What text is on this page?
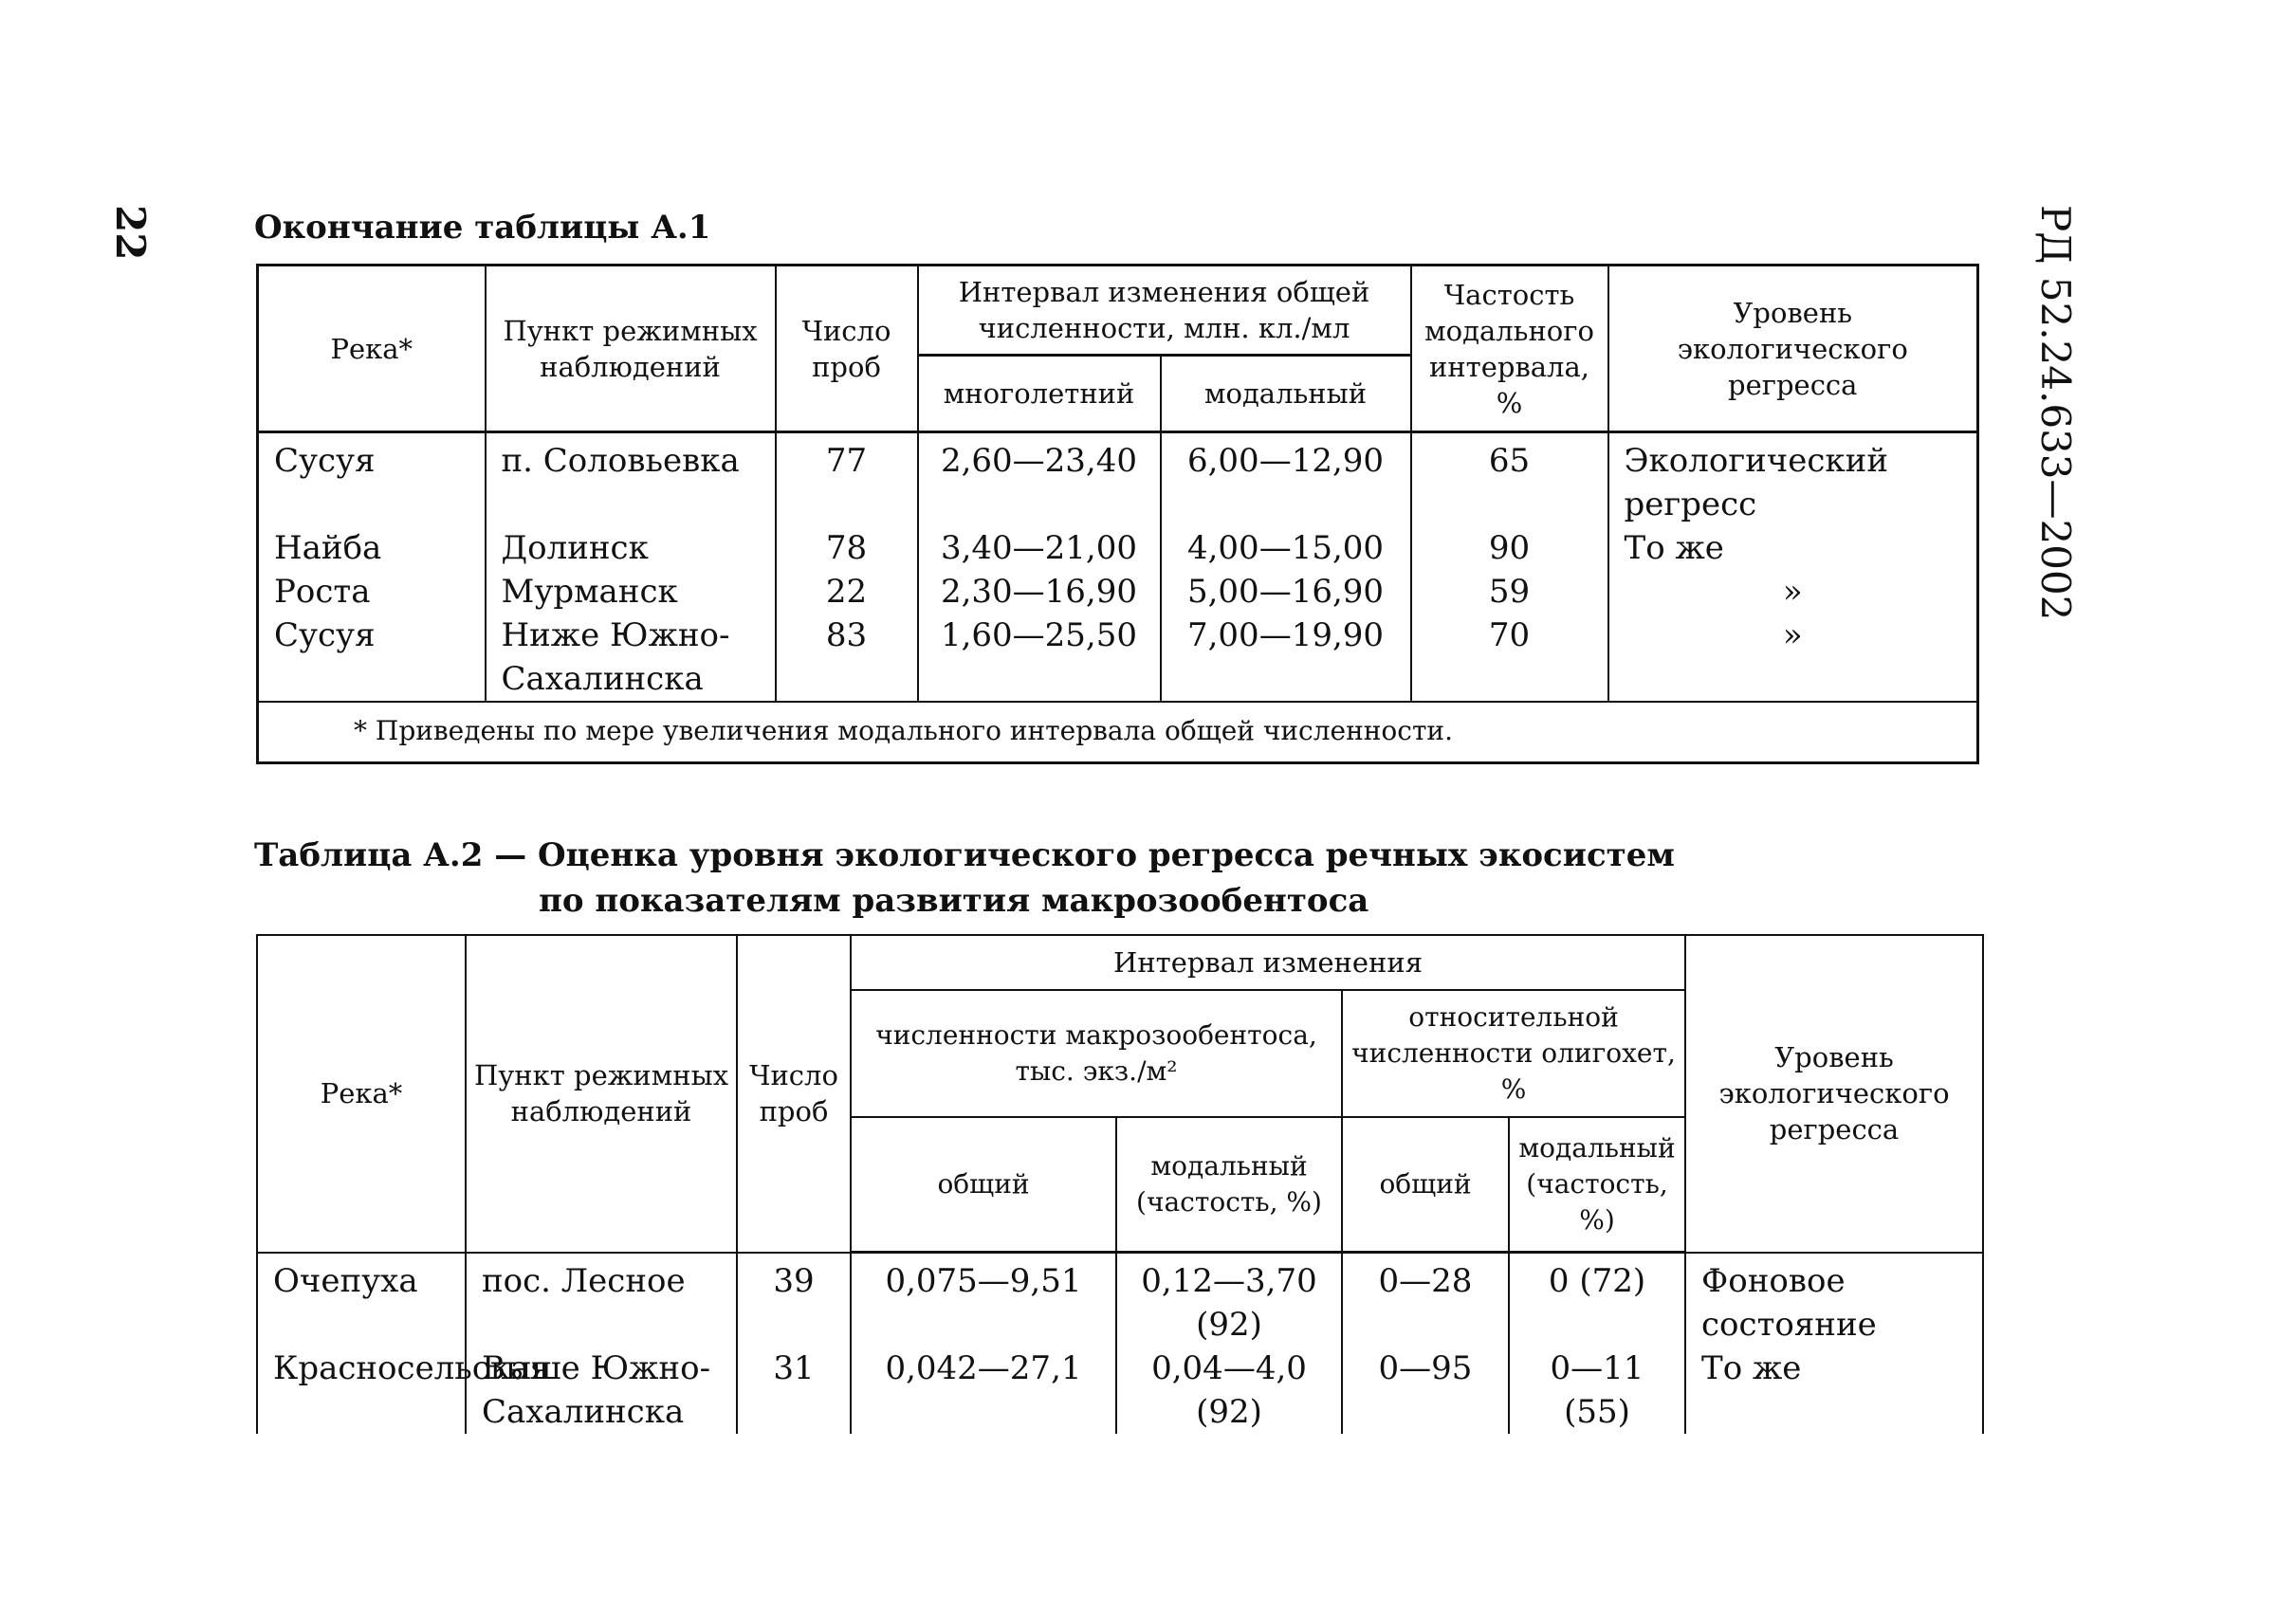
22	РД 52.24.633—2002
Окончание таблицы А.1
Река*	Пункт режимных наблюдений	Число проб	Интервал изменения общей численности, млн. кл./мл		Частость модального интервала, %	Уровень экологического регресса
			многолетний	модальный		
Сусуя	п. Соловьевка	77	2,60—23,40	6,00—12,90	65	Экологический регресс
Найба	Долинск	78	3,40—21,00	4,00—15,00	90	То же
Роста	Мурманск	22	2,30—16,90	5,00—16,90	59	»
Сусуя	Ниже Южно-Сахалинска	83	1,60—25,50	7,00—19,90	70	»
* Приведены по мере увеличения модального интервала общей численности.						
Таблица А.2 — Оценка уровня экологического регресса речных экосистем
по показателям развития макрозообентоса
Река*	Пункт режимных наблюдений	Число проб	Интервал изменения				Уровень экологического регресса
			численности макрозообентоса, тыс. экз./м²		относительной численности олигохет, %		
			общий	модальный (частость, %)	общий	модальный (частость, %)	
Очепуха	пос. Лесное	39	0,075—9,51	0,12—3,70 (92)	0—28	0 (72)	Фоновое состояние
Красносельская	Выше Южно-Сахалинска	31	0,042—27,1	0,04—4,0 (92)	0—95	0—11 (55)	То же
